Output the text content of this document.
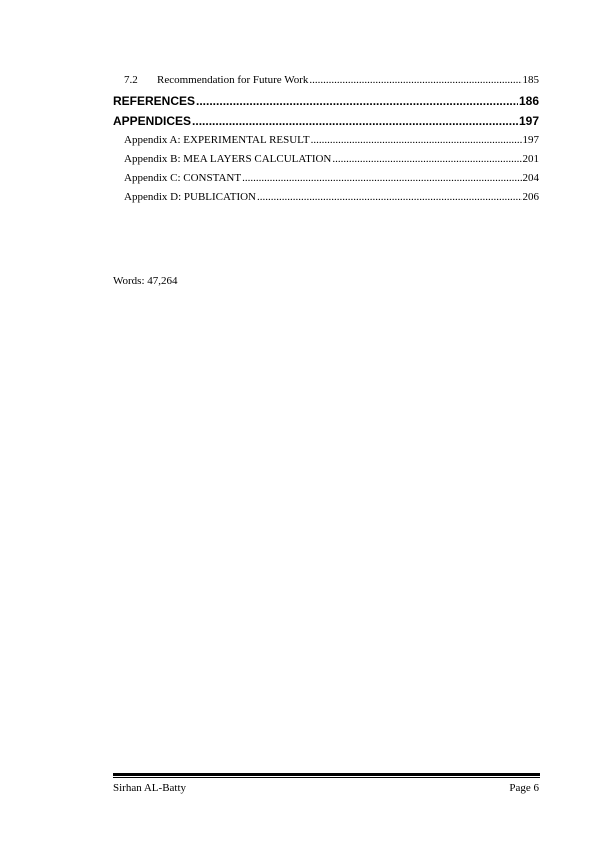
7.2 Recommendation for Future Work .....	185
REFERENCES .....	186
APPENDICES .....	197
Appendix A: EXPERIMENTAL RESULT .....	197
Appendix B: MEA LAYERS CALCULATION .....	201
Appendix C: CONSTANT .....	204
Appendix D: PUBLICATION .....	206
Words: 47,264
Sirhan AL-Batty	Page 6
